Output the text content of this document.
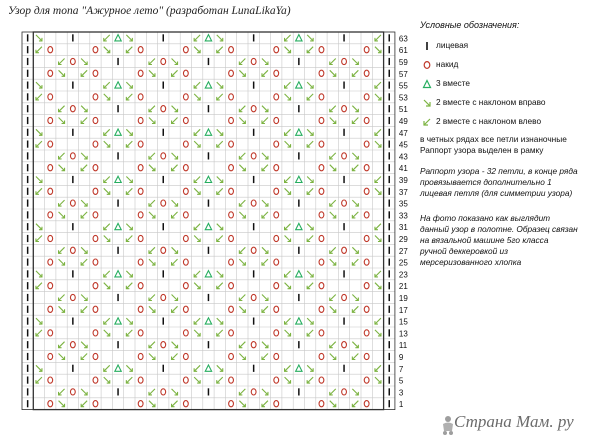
Узор для топа "Ажурное лето" (разработан LunaLikaYa)
63
61
59
57
55
53
51
49
47
45
43
41
39
37
35
33
31
29
27
25
23
21
19
17
15
13
11
9
7
5
3
1
Условные обозначения:
лицевая
накид
3 вместе
2 вместе с наклоном вправо
2 вместе с наклоном влево
в четных рядах все петли изнаночные
Раппорт узора выделен в рамку
Раппорт узора - 32 петли, в конце ряда
провязывается дополнительно 1
лицевая петля (для симметрии узора)
На фото показано как выглядит
данный узор в полотне. Образец связан
на вязальной машине 5го класса
ручной деккеровкой из
мерсеризованного хлопка
Страна Мам. ру
